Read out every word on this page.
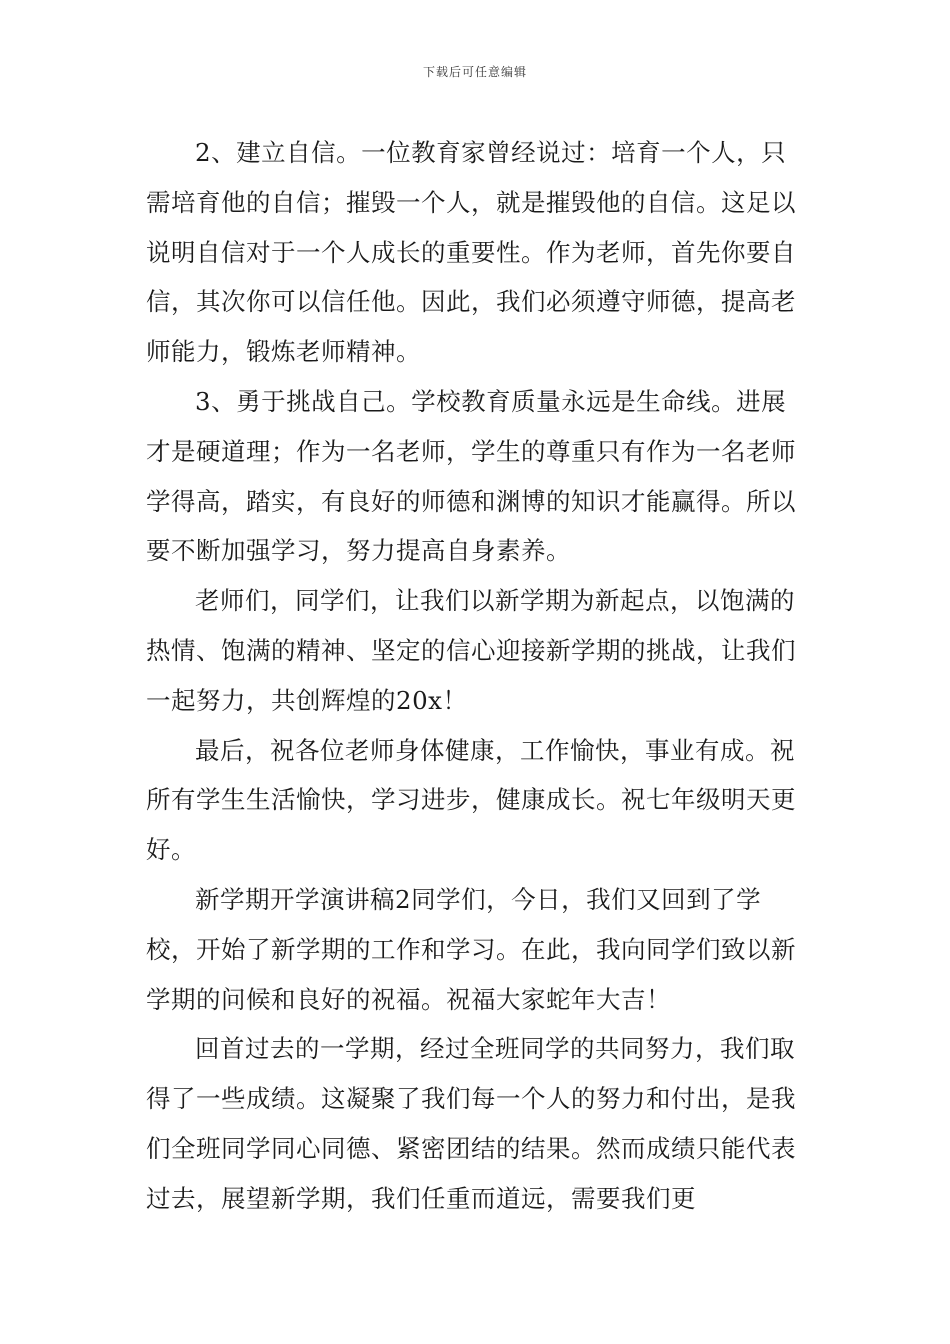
下载后可任意编辑

2、建立自信。一位教育家曾经说过：培育一个人，只需培育他的自信；摧毁一个人，就是摧毁他的自信。这足以说明自信对于一个人成长的重要性。作为老师，首先你要自信，其次你可以信任他。因此，我们必须遵守师德，提高老师能力，锻炼老师精神。

3、勇于挑战自己。学校教育质量永远是生命线。进展才是硬道理；作为一名老师，学生的尊重只有作为一名老师学得高，踏实，有良好的师德和渊博的知识才能赢得。所以要不断加强学习，努力提高自身素养。

老师们，同学们，让我们以新学期为新起点，以饱满的热情、饱满的精神、坚定的信心迎接新学期的挑战，让我们一起努力，共创辉煌的20x！

最后，祝各位老师身体健康，工作愉快，事业有成。祝所有学生生活愉快，学习进步，健康成长。祝七年级明天更好。

新学期开学演讲稿2同学们，今日，我们又回到了学校，开始了新学期的工作和学习。在此，我向同学们致以新学期的问候和良好的祝福。祝福大家蛇年大吉！

回首过去的一学期，经过全班同学的共同努力，我们取得了一些成绩。这凝聚了我们每一个人的努力和付出，是我们全班同学同心同德、紧密团结的结果。然而成绩只能代表过去，展望新学期，我们任重而道远，需要我们更
